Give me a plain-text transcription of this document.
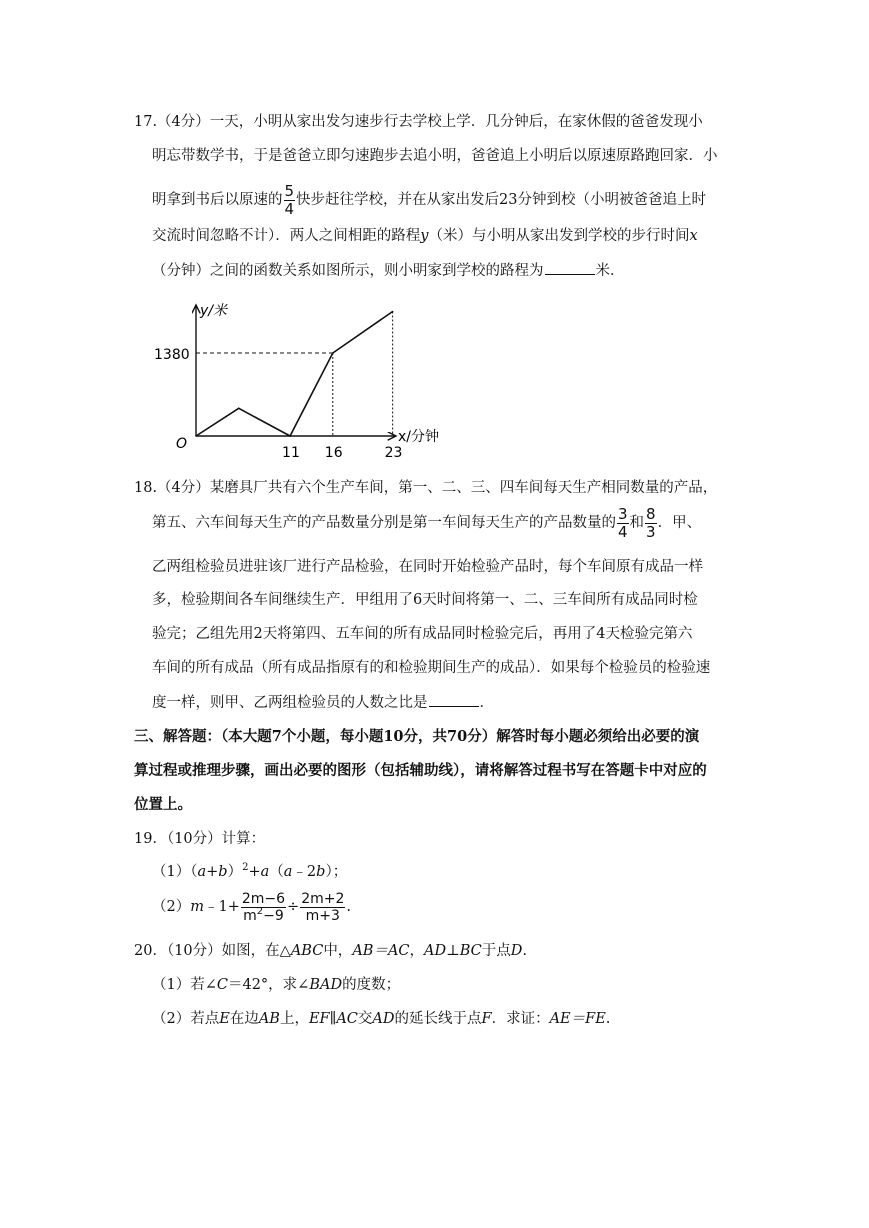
17.（4分）一天，小明从家出发匀速步行去学校上学．几分钟后，在家休假的爸爸发现小
明忘带数学书，于是爸爸立即匀速跑步去追小明，爸爸追上小明后以原速原路跑回家．小
明拿到书后以原速的 $\frac{5}{4}$ 快步赶往学校，并在从家出发后23分钟到校（小明被爸爸追上时
交流时间忽略不计）．两人之间相距的路程y（米）与小明从家出发到学校的步行时间x
（分钟）之间的函数关系如图所示，则小明家到学校的路程为	米．
y/米
x/分钟
O
1380
11 16	23
18.（4分）某磨具厂共有六个生产车间，第一、二、三、四车间每天生产相同数量的产品，
第五、六车间每天生产的产品数量分别是第一车间每天生产的产品数量的 $\frac{3}{4}$ 和 $\frac{8}{3}$ ．甲、
乙两组检验员进驻该厂进行产品检验，在同时开始检验产品时，每个车间原有成品一样
多，检验期间各车间继续生产．甲组用了6天时间将第一、二、三车间所有成品同时检
验完；乙组先用2天将第四、五车间的所有成品同时检验完后，再用了4天检验完第六
车间的所有成品（所有成品指原有的和检验期间生产的成品）．如果每个检验员的检验速
度一样，则甲、乙两组检验员的人数之比是	．
三、解答题：（本大题7个小题，每小题10分，共70分）解答时每小题必须给出必要的演
算过程或推理步骤，画出必要的图形（包括辅助线），请将解答过程书写在答题卡中对应的
位置上。
19．（10分）计算：
$(1)(a+b)^2+a(a﹣2b)$；
（2）m﹣1+ $\frac{2m-6}{m^2-9} \div \frac{2m+2}{m+3}$ .
20．（10分）如图，在△ABC中，AB＝AC，AD⊥BC于点D.
（1）若∠C＝42°，求∠BAD的度数；
（2）若点E在边AB上，EF∥AC交AD的延长线于点F．求证：AE＝FE.
